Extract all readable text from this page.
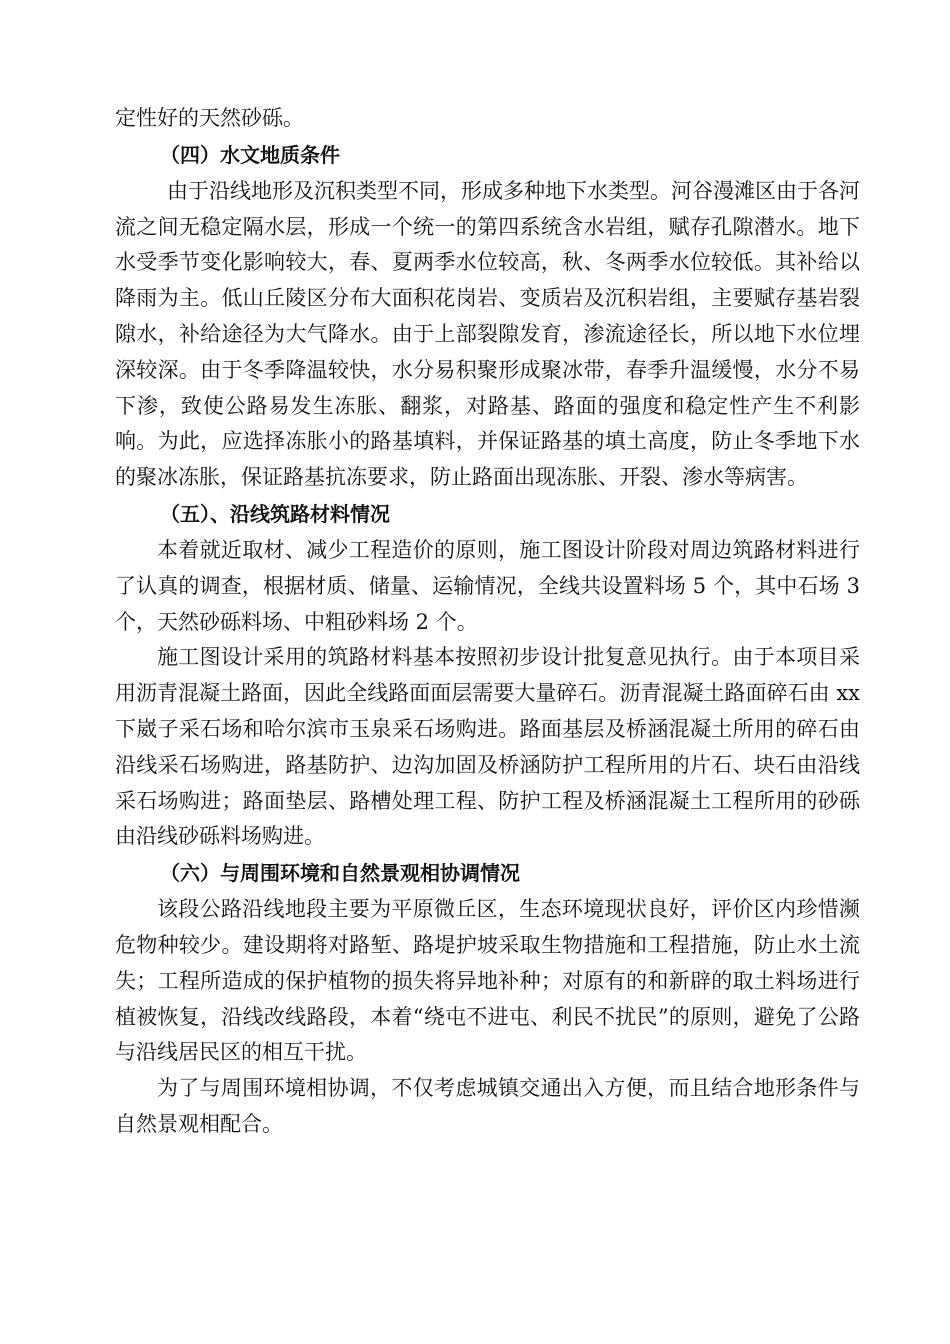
定性好的天然砂砾。

（四）水文地质条件

由于沿线地形及沉积类型不同，形成多种地下水类型。河谷漫滩区由于各河流之间无稳定隔水层，形成一个统一的第四系统含水岩组，赋存孔隙潜水。地下水受季节变化影响较大，春、夏两季水位较高，秋、冬两季水位较低。其补给以降雨为主。低山丘陵区分布大面积花岗岩、变质岩及沉积岩组，主要赋存基岩裂隙水，补给途径为大气降水。由于上部裂隙发育，渗流途径长，所以地下水位埋深较深。由于冬季降温较快，水分易积聚形成聚冰带，春季升温缓慢，水分不易下渗，致使公路易发生冻胀、翻浆，对路基、路面的强度和稳定性产生不利影响。为此，应选择冻胀小的路基填料，并保证路基的填土高度，防止冬季地下水的聚冰冻胀，保证路基抗冻要求，防止路面出现冻胀、开裂、渗水等病害。

（五）、沿线筑路材料情况

本着就近取材、减少工程造价的原则，施工图设计阶段对周边筑路材料进行了认真的调查，根据材质、储量、运输情况，全线共设置料场 5 个，其中石场 3 个，天然砂砾料场、中粗砂料场 2 个。

施工图设计采用的筑路材料基本按照初步设计批复意见执行。由于本项目采用沥青混凝土路面，因此全线路面面层需要大量碎石。沥青混凝土路面碎石由 xx 下崴子采石场和哈尔滨市玉泉采石场购进。路面基层及桥涵混凝土所用的碎石由沿线采石场购进，路基防护、边沟加固及桥涵防护工程所用的片石、块石由沿线采石场购进；路面垫层、路槽处理工程、防护工程及桥涵混凝土工程所用的砂砾由沿线砂砾料场购进。

（六）与周围环境和自然景观相协调情况

该段公路沿线地段主要为平原微丘区，生态环境现状良好，评价区内珍惜濒危物种较少。建设期将对路堑、路堤护坡采取生物措施和工程措施，防止水土流失；工程所造成的保护植物的损失将异地补种；对原有的和新辟的取土料场进行植被恢复，沿线改线路段，本着“绕屯不进屯、利民不扰民”的原则，避免了公路与沿线居民区的相互干扰。

为了与周围环境相协调，不仅考虑城镇交通出入方便，而且结合地形条件与自然景观相配合。
